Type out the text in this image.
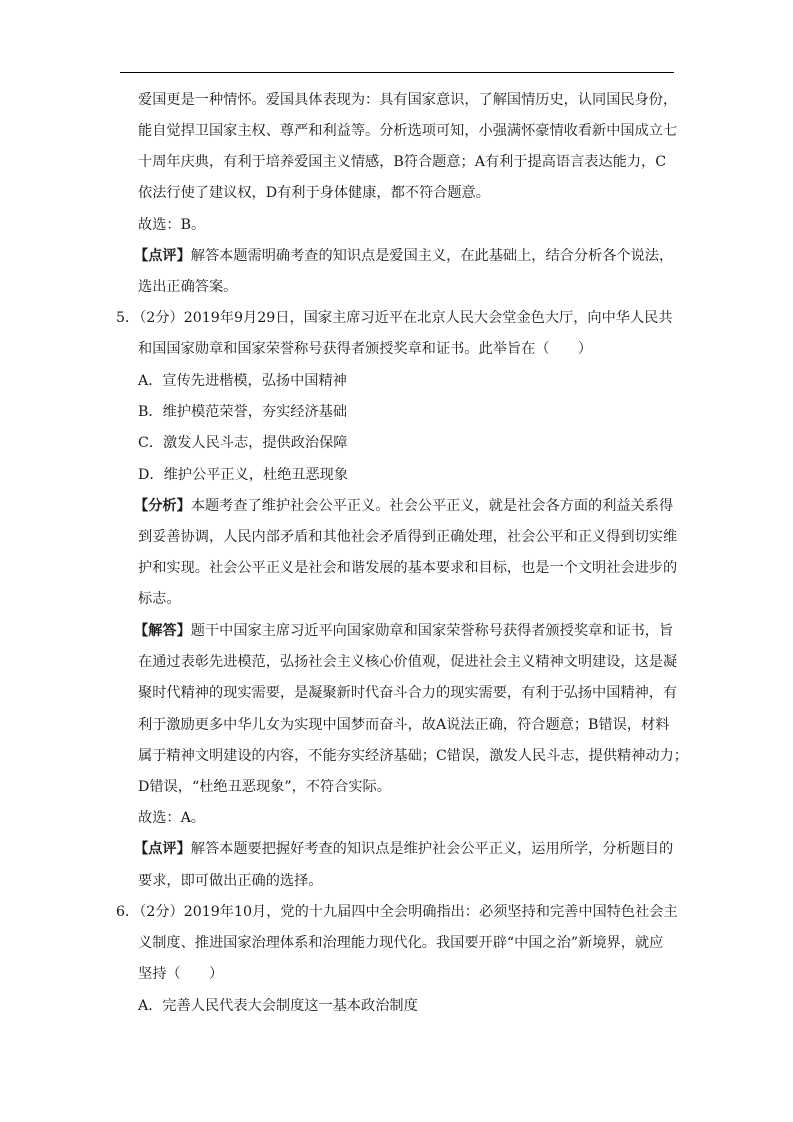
爱国更是一种情怀。爱国具体表现为：具有国家意识，了解国情历史，认同国民身份，
能自觉捍卫国家主权、尊严和利益等。分析选项可知，小强满怀豪情收看新中国成立七
十周年庆典，有利于培养爱国主义情感，B符合题意；A有利于提高语言表达能力，C
依法行使了建议权，D有利于身体健康，都不符合题意。
故选：B。
【点评】解答本题需明确考查的知识点是爱国主义，在此基础上，结合分析各个说法，
选出正确答案。
5．（2分）2019年9月29日，国家主席习近平在北京人民大会堂金色大厅，向中华人民共
和国国家勋章和国家荣誉称号获得者颁授奖章和证书。此举旨在（　　）
A．宣传先进楷模，弘扬中国精神
B．维护模范荣誉，夯实经济基础
C．激发人民斗志，提供政治保障
D．维护公平正义，杜绝丑恶现象
【分析】本题考查了维护社会公平正义。社会公平正义，就是社会各方面的利益关系得
到妥善协调，人民内部矛盾和其他社会矛盾得到正确处理，社会公平和正义得到切实维
护和实现。社会公平正义是社会和谐发展的基本要求和目标，也是一个文明社会进步的
标志。
【解答】题干中国家主席习近平向国家勋章和国家荣誉称号获得者颁授奖章和证书，旨
在通过表彰先进模范，弘扬社会主义核心价值观，促进社会主义精神文明建设，这是凝
聚时代精神的现实需要，是凝聚新时代奋斗合力的现实需要，有利于弘扬中国精神，有
利于激励更多中华儿女为实现中国梦而奋斗，故A说法正确，符合题意；B错误，材料
属于精神文明建设的内容，不能夯实经济基础；C错误，激发人民斗志，提供精神动力；
D错误，“杜绝丑恶现象”，不符合实际。
故选：A。
【点评】解答本题要把握好考查的知识点是维护社会公平正义，运用所学，分析题目的
要求，即可做出正确的选择。
6．（2分）2019年10月，党的十九届四中全会明确指出：必须坚持和完善中国特色社会主
义制度、推进国家治理体系和治理能力现代化。我国要开辟“中国之治”新境界，就应
坚持（　　）
A．完善人民代表大会制度这一基本政治制度
